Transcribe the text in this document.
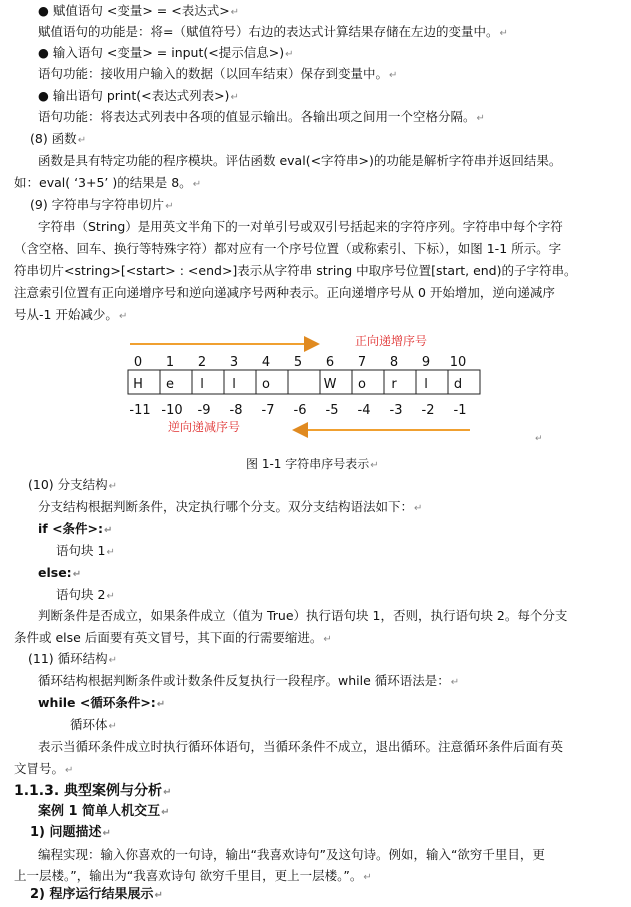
● 赋值语句 <变量> = <表达式>↵
赋值语句的功能是：将=（赋值符号）右边的表达式计算结果存储在左边的变量中。↵
● 输入语句 <变量> = input(<提示信息>)↵
语句功能：接收用户输入的数据（以回车结束）保存到变量中。↵
● 输出语句 print(<表达式列表>)↵
语句功能：将表达式列表中各项的值显示输出。各输出项之间用一个空格分隔。↵
(8) 函数↵
函数是具有特定功能的程序模块。评估函数 eval(<字符串>)的功能是解析字符串并返回结果。
如：eval( ‘3+5’ )的结果是 8。↵
(9) 字符串与字符串切片↵
字符串（String）是用英文半角下的一对单引号或双引号括起来的字符序列。字符串中每个字符
（含空格、回车、换行等特殊字符）都对应有一个序号位置（或称索引、下标），如图 1-1 所示。字
符串切片<string>[<start> : <end>]表示从字符串 string 中取序号位置[start, end)的子字符串。
注意索引位置有正向递增序号和逆向递减序号两种表示。正向递增序号从 0 开始增加，逆向递减序
号从-1 开始减少。↵
正向递增序号
0 1 2 3 4 5 6 7 8 9 10
H e l l o	W o r l d
-11 -10 -9 -8 -7 -6 -5 -4 -3 -2 -1
逆向递减序号
↵
图 1-1 字符串序号表示↵
(10) 分支结构↵
分支结构根据判断条件，决定执行哪个分支。双分支结构语法如下：↵
if <条件>:↵
语句块 1↵
else:↵
语句块 2↵
判断条件是否成立，如果条件成立（值为 True）执行语句块 1，否则，执行语句块 2。每个分支
条件或 else 后面要有英文冒号，其下面的行需要缩进。↵
(11) 循环结构↵
循环结构根据判断条件或计数条件反复执行一段程序。while 循环语法是：↵
while <循环条件>:↵
循环体↵
表示当循环条件成立时执行循环体语句，当循环条件不成立，退出循环。注意循环条件后面有英
文冒号。↵
1.1.3. 典型案例与分析↵
案例 1 简单人机交互↵
1) 问题描述↵
编程实现：输入你喜欢的一句诗，输出“我喜欢诗句”及这句诗。例如，输入“欲穷千里目，更
上一层楼。”，输出为“我喜欢诗句 欲穷千里目，更上一层楼。”。↵
2) 程序运行结果展示↵
